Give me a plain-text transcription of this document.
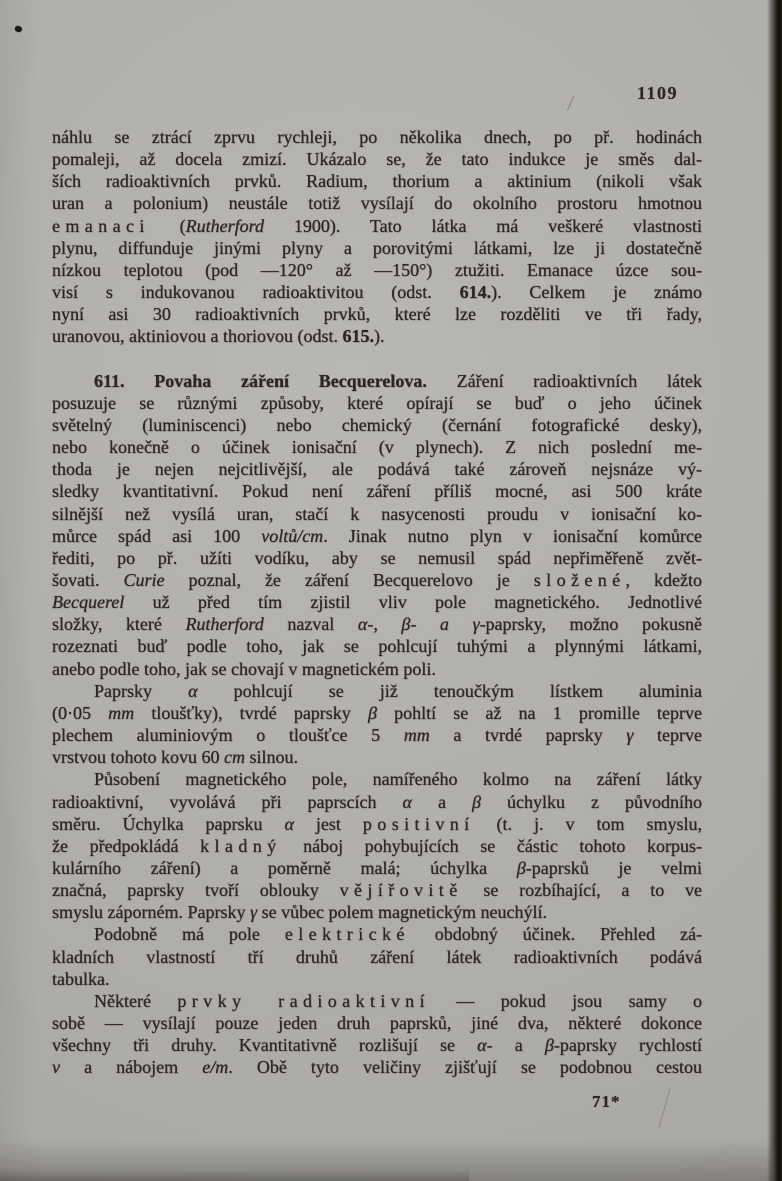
1109
náhlu se ztrácí zprvu rychleji, po několika dnech, po př. hodinách
pomaleji, až docela zmizí. Ukázalo se, že tato indukce je směs dal-
ších radioaktivních prvků. Radium, thorium a aktinium (nikoli však
uran a polonium) neustále totiž vysílají do okolního prostoru hmotnou
emanaci (Rutherford 1900). Tato látka má veškeré vlastnosti
plynu, diffunduje jinými plyny a porovitými látkami, lze ji dostatečně
nízkou teplotou (pod —120° až —150°) ztužiti. Emanace úzce sou-
visí s indukovanou radioaktivitou (odst. 614.). Celkem je známo
nyní asi 30 radioaktivních prvků, které lze rozděliti ve tři řady,
uranovou, aktiniovou a thoriovou (odst. 615.).
611. Povaha záření Becquerelova. Záření radioaktivních látek
posuzuje se různými způsoby, které opírají se buď o jeho účinek
světelný (luminiscenci) nebo chemický (černání fotografické desky),
nebo konečně o účinek ionisační (v plynech). Z nich poslední me-
thoda je nejen nejcitlivější, ale podává také zároveň nejsnáze vý-
sledky kvantitativní. Pokud není záření příliš mocné, asi 500 kráte
silnější než vysílá uran, stačí k nasycenosti proudu v ionisační ko-
můrce spád asi 100 voltů/cm. Jinak nutno plyn v ionisační komůrce
řediti, po př. užíti vodíku, aby se nemusil spád nepřiměřeně zvět-
šovati. Curie poznal, že záření Becquerelovo je složené, kdežto
Becquerel už před tím zjistil vliv pole magnetického. Jednotlivé
složky, které Rutherford nazval α-, β- a γ-paprsky, možno pokusně
rozeznati buď podle toho, jak se pohlcují tuhými a plynnými látkami,
anebo podle toho, jak se chovají v magnetickém poli.
Paprsky α pohlcují se již tenoučkým lístkem aluminia
(0·05 mm tloušťky), tvrdé paprsky β pohltí se až na 1 promille teprve
plechem aluminiovým o tloušťce 5 mm a tvrdé paprsky γ teprve
vrstvou tohoto kovu 60 cm silnou.
Působení magnetického pole, namířeného kolmo na záření látky
radioaktivní, vyvolává při paprscích α a β úchylku z původního
směru. Úchylka paprsku α jest positivní (t. j. v tom smyslu,
že předpokládá kladný náboj pohybujících se částic tohoto korpus-
kulárního záření) a poměrně malá; úchylka β-paprsků je velmi
značná, paprsky tvoří oblouky vějířovitě se rozbíhající, a to ve
smyslu záporném. Paprsky γ se vůbec polem magnetickým neuchýlí.
Podobně má pole elektrické obdobný účinek. Přehled zá-
kladních vlastností tří druhů záření látek radioaktivních podává
tabulka.
Některé prvky radioaktivní — pokud jsou samy o
sobě — vysílají pouze jeden druh paprsků, jiné dva, některé dokonce
všechny tři druhy. Kvantitativně rozlišují se α- a β-paprsky rychlostí
v a nábojem e/m. Obě tyto veličiny zjišťují se podobnou cestou
71*
